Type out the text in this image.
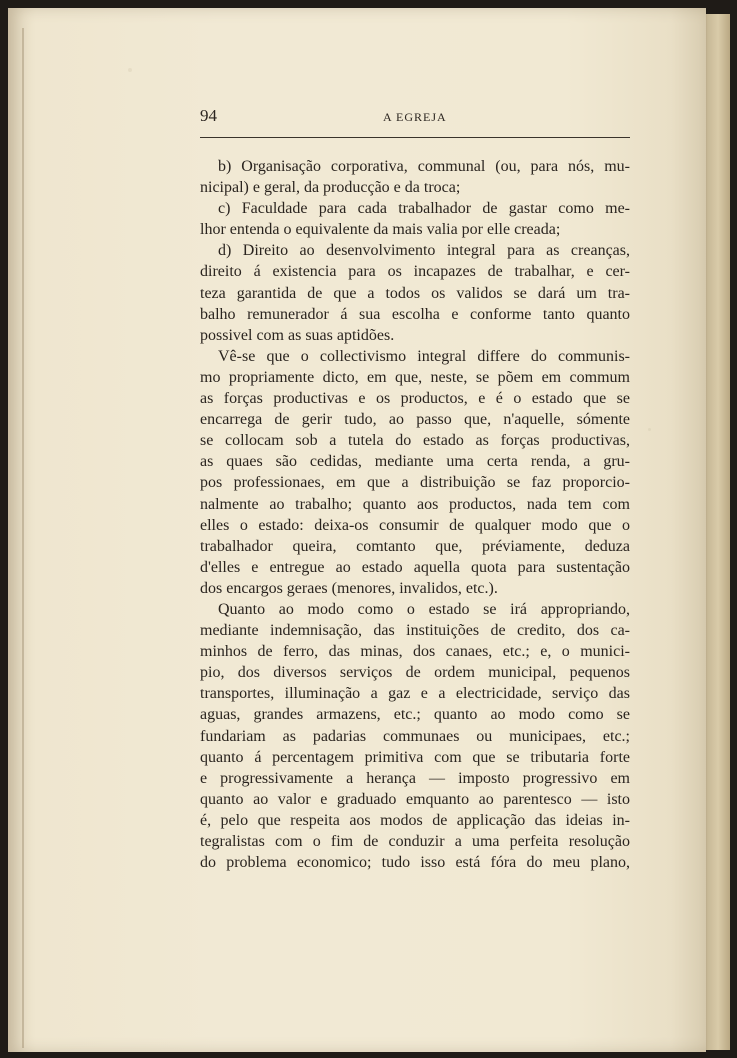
94	A EGREJA
b) Organisação corporativa, communal (ou, para nós, mu-
nicipal) e geral, da producção e da troca;
c) Faculdade para cada trabalhador de gastar como me-
lhor entenda o equivalente da mais valia por elle creada;
d) Direito ao desenvolvimento integral para as creanças,
direito á existencia para os incapazes de trabalhar, e cer-
teza garantida de que a todos os validos se dará um tra-
balho remunerador á sua escolha e conforme tanto quanto
possivel com as suas aptidões.
Vê-se que o collectivismo integral differe do communis-
mo propriamente dicto, em que, neste, se põem em commum
as forças productivas e os productos, e é o estado que se
encarrega de gerir tudo, ao passo que, n'aquelle, sómente
se collocam sob a tutela do estado as forças productivas,
as quaes são cedidas, mediante uma certa renda, a gru-
pos professionaes, em que a distribuição se faz proporcio-
nalmente ao trabalho; quanto aos productos, nada tem com
elles o estado: deixa-os consumir de qualquer modo que o
trabalhador queira, comtanto que, préviamente, deduza
d'elles e entregue ao estado aquella quota para sustentação
dos encargos geraes (menores, invalidos, etc.).
Quanto ao modo como o estado se irá appropriando,
mediante indemnisação, das instituições de credito, dos ca-
minhos de ferro, das minas, dos canaes, etc.; e, o munici-
pio, dos diversos serviços de ordem municipal, pequenos
transportes, illuminação a gaz e a electricidade, serviço das
aguas, grandes armazens, etc.; quanto ao modo como se
fundariam as padarias communaes ou municipaes, etc.;
quanto á percentagem primitiva com que se tributaria forte
e progressivamente a herança — imposto progressivo em
quanto ao valor e graduado emquanto ao parentesco — isto
é, pelo que respeita aos modos de applicação das ideias in-
tegralistas com o fim de conduzir a uma perfeita resolução
do problema economico; tudo isso está fóra do meu plano,
